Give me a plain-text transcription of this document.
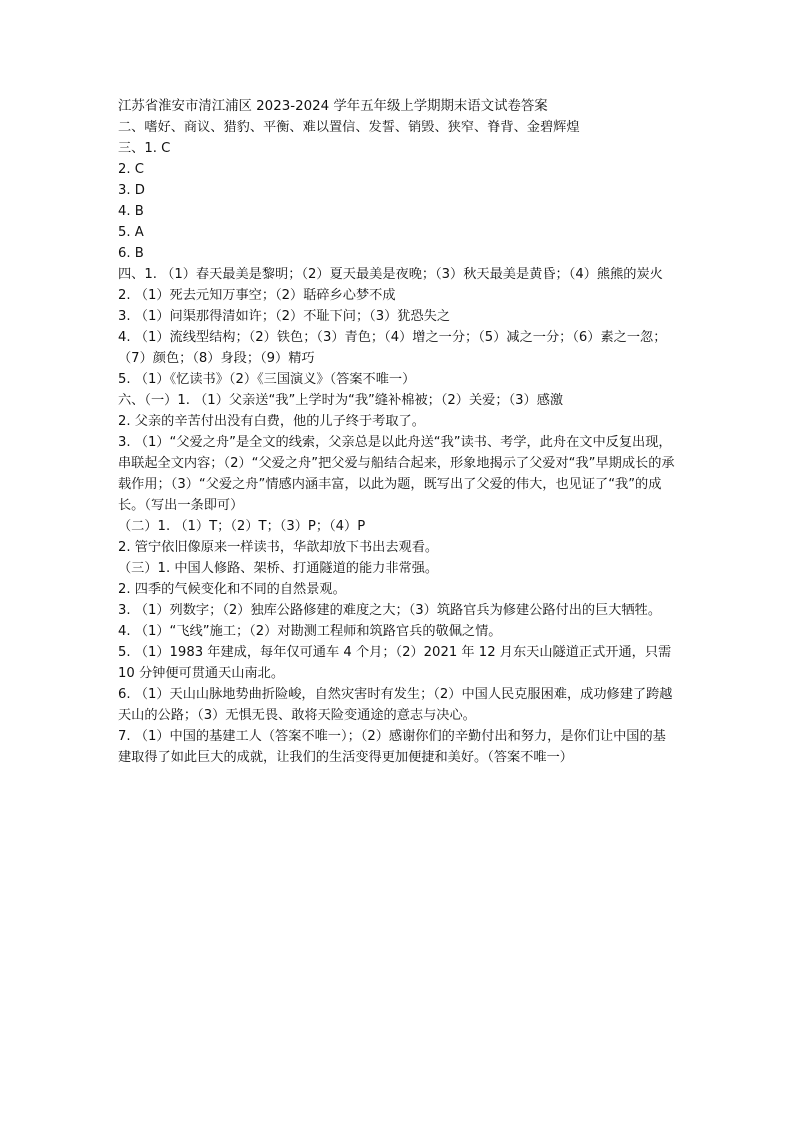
江苏省淮安市清江浦区 2023-2024 学年五年级上学期期末语文试卷答案

二、嗜好、商议、猎豹、平衡、难以置信、发誓、销毁、狭窄、脊背、金碧辉煌

三、1. C

2. C

3. D

4. B

5. A

6. B

四、1. （1）春天最美是黎明；（2）夏天最美是夜晚；（3）秋天最美是黄昏；（4）熊熊的炭火

2. （1）死去元知万事空；（2）聒碎乡心梦不成

3. （1）问渠那得清如许；（2）不耻下问；（3）犹恐失之

4. （1）流线型结构；（2）铁色；（3）青色；（4）增之一分；（5）减之一分；（6）素之一忽；（7）颜色；（8）身段；（9）精巧

5. （1）《忆读书》（2）《三国演义》（答案不唯一）

六、（一）1. （1）父亲送“我”上学时为“我”缝补棉被；（2）关爱；（3）感激

2. 父亲的辛苦付出没有白费，他的儿子终于考取了。

3. （1）“父爱之舟”是全文的线索，父亲总是以此舟送“我”读书、考学，此舟在文中反复出现，串联起全文内容；（2）“父爱之舟”把父爱与船结合起来，形象地揭示了父爱对“我”早期成长的承载作用；（3）“父爱之舟”情感内涵丰富，以此为题，既写出了父爱的伟大，也见证了“我”的成长。（写出一条即可）

（二）1. （1）T；（2）T；（3）P；（4）P

2. 管宁依旧像原来一样读书，华歆却放下书出去观看。

（三）1. 中国人修路、架桥、打通隧道的能力非常强。

2. 四季的气候变化和不同的自然景观。

3. （1）列数字；（2）独库公路修建的难度之大；（3）筑路官兵为修建公路付出的巨大牺牲。

4. （1）“飞线”施工；（2）对勘测工程师和筑路官兵的敬佩之情。

5. （1）1983 年建成，每年仅可通车 4 个月；（2）2021 年 12 月东天山隧道正式开通，只需 10 分钟便可贯通天山南北。

6. （1）天山山脉地势曲折险峻，自然灾害时有发生；（2）中国人民克服困难，成功修建了跨越天山的公路；（3）无惧无畏、敢将天险变通途的意志与决心。

7. （1）中国的基建工人（答案不唯一）；（2）感谢你们的辛勤付出和努力，是你们让中国的基建取得了如此巨大的成就，让我们的生活变得更加便捷和美好。（答案不唯一）
